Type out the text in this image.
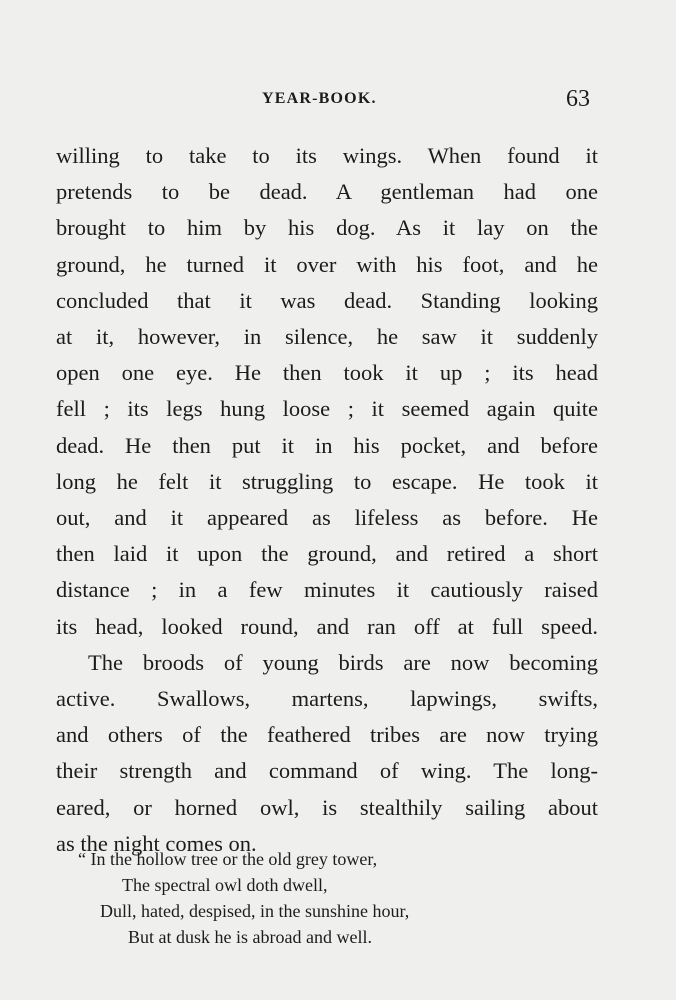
YEAR-BOOK.	63
willing to take to its wings. When found it
pretends to be dead. A gentleman had one
brought to him by his dog. As it lay on the
ground, he turned it over with his foot, and he
concluded that it was dead. Standing looking
at it, however, in silence, he saw it suddenly
open one eye. He then took it up ; its head
fell ; its legs hung loose ; it seemed again quite
dead. He then put it in his pocket, and before
long he felt it struggling to escape. He took it
out, and it appeared as lifeless as before. He
then laid it upon the ground, and retired a short
distance ; in a few minutes it cautiously raised
its head, looked round, and ran off at full speed.
The broods of young birds are now becoming
active. Swallows, martens, lapwings, swifts,
and others of the feathered tribes are now trying
their strength and command of wing. The long-
eared, or horned owl, is stealthily sailing about
as the night comes on.
“ In the hollow tree or the old grey tower,
The spectral owl doth dwell,
Dull, hated, despised, in the sunshine hour,
But at dusk he is abroad and well.
